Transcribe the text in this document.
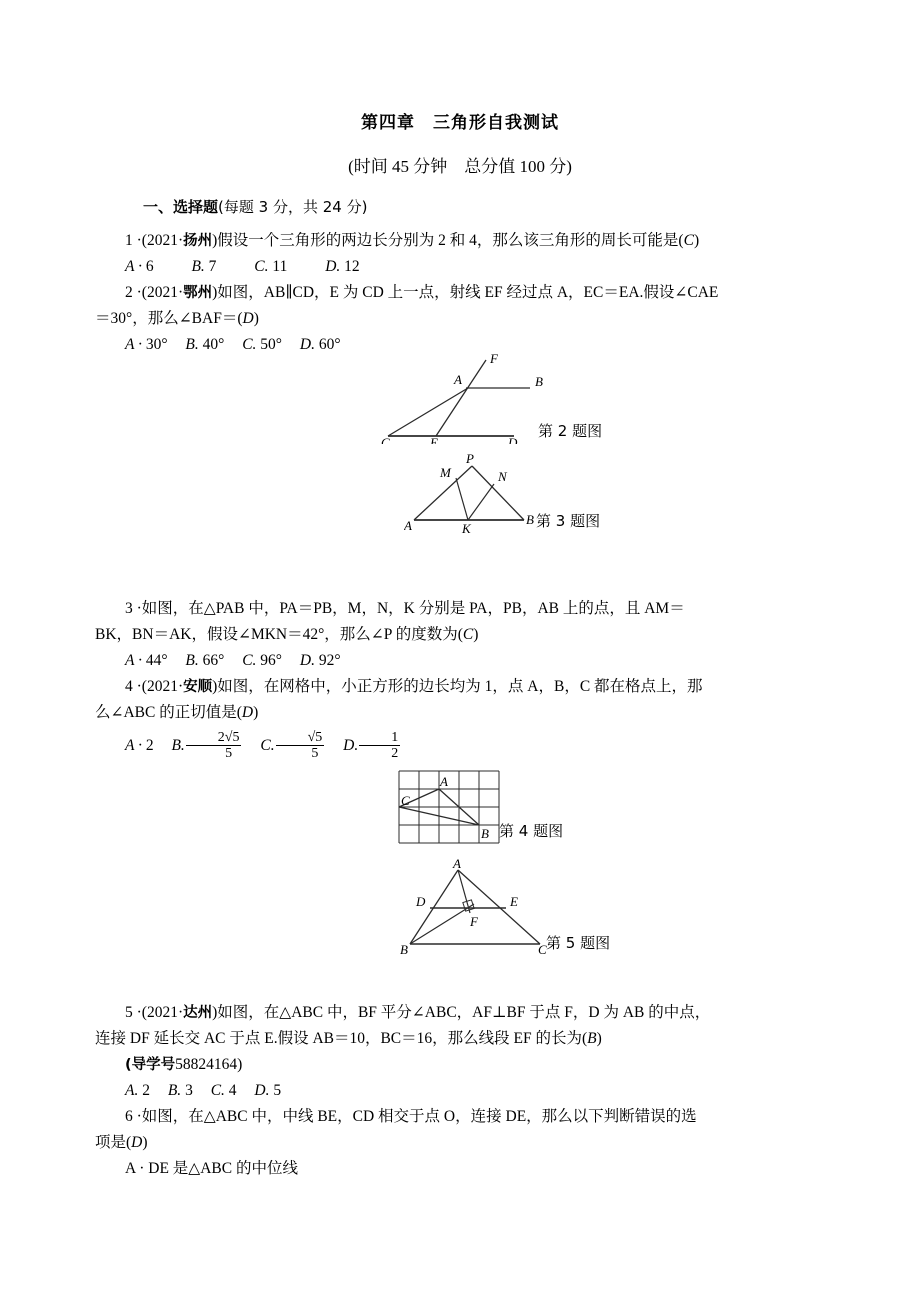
第四章　三角形自我测试
(时间 45 分钟　总分值 100 分)
一、选择题(每题 3 分，共 24 分)

1 ·(2021·扬州)假设一个三角形的两边长分别为 2 和 4，那么该三角形的周长可能是(C)

A · 6 B. 7 C. 11 D. 12

2 ·(2021·鄂州)如图，AB∥CD，E 为 CD 上一点，射线 EF 经过点 A，EC＝EA.假设∠CAE

＝30°，那么∠BAF＝(D)

A · 30° B. 40° C. 50° D. 60°

F
A	B
C	E	D
第 2 题图
M
P
N
A	K
B 第 3 题图

3 ·如图，在△PAB 中，PA＝PB，M，N，K 分别是 PA，PB，AB 上的点，且 AM＝

BK，BN＝AK，假设∠MKN＝42°，那么∠P 的度数为(C)

A · 44° B. 66° C. 96° D. 92°

4 ·(2021·安顺)如图，在网格中，小正方形的边长均为 1，点 A，B，C 都在格点上，那

么∠ABC 的正切值是(D)

A · 2 B. $\frac{2√5}{5} C$. $\frac{√5}{5} D$. $\frac{1}{2}$

A
C
B 第 4 题图
A
D	E
F
B	C 第 5 题图

5 ·(2021·达州)如图，在△ABC 中，BF 平分∠ABC，AF⊥BF 于点 F，D 为 AB 的中点，

连接 DF 延长交 AC 于点 E.假设 AB＝10，BC＝16，那么线段 EF 的长为(B)

(导学号58824164)

A. 2 B. 3 C. 4 D. 5

6 ·如图，在△ABC 中，中线 BE，CD 相交于点 O，连接 DE，那么以下判断错误的选

项是(D)

A · DE 是△ABC 的中位线
